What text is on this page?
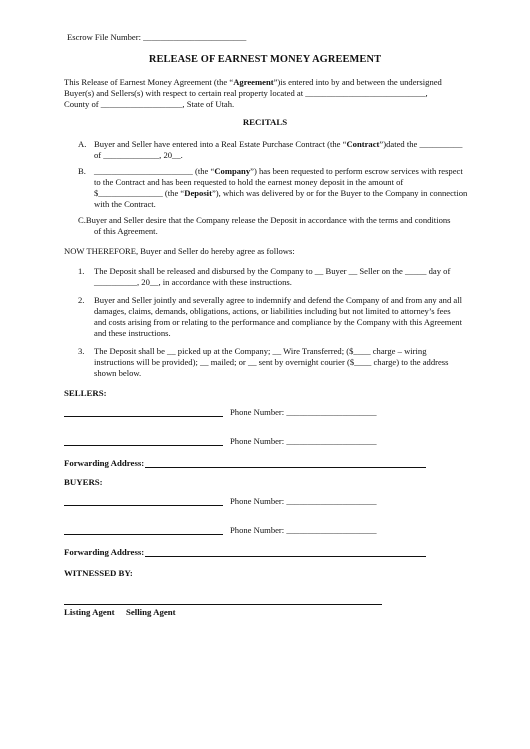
Escrow File Number: ________________________
RELEASE OF EARNEST MONEY AGREEMENT
This Release of Earnest Money Agreement (the “Agreement”)is entered into by and between the undersigned
Buyer(s) and Sellers(s) with respect to certain real property located at ____________________________,
County of ___________________, State of Utah.
RECITALS
A. Buyer and Seller have entered into a Real Estate Purchase Contract (the “Contract”)dated the __________
of _____________, 20__.
B. _______________________ (the “Company”) has been requested to perform escrow services with respect
to the Contract and has been requested to hold the earnest money deposit in the amount of
$_______________ (the “Deposit”), which was delivered by or for the Buyer to the Company in connection
with the Contract.
C.Buyer and Seller desire that the Company release the Deposit in accordance with the terms and conditions
of this Agreement.
NOW THEREFORE, Buyer and Seller do hereby agree as follows:
1. The Deposit shall be released and disbursed by the Company to __ Buyer __ Seller on the _____ day of
__________, 20__, in accordance with these instructions.
2. Buyer and Seller jointly and severally agree to indemnify and defend the Company of and from any and all
damages, claims, demands, obligations, actions, or liabilities including but not limited to attorney’s fees
and costs arising from or relating to the performance and compliance by the Company with this Agreement
and these instructions.
3. The Deposit shall be __ picked up at the Company; __ Wire Transferred; ($____ charge – wiring
instructions will be provided); __ mailed; or __ sent by overnight courier ($____ charge) to the address
shown below.
SELLERS:
Phone Number: _____________________
Phone Number: _____________________
Forwarding Address:
BUYERS:
Phone Number: _____________________
Phone Number: _____________________
Forwarding Address:
WITNESSED BY:
Listing Agent Selling Agent
